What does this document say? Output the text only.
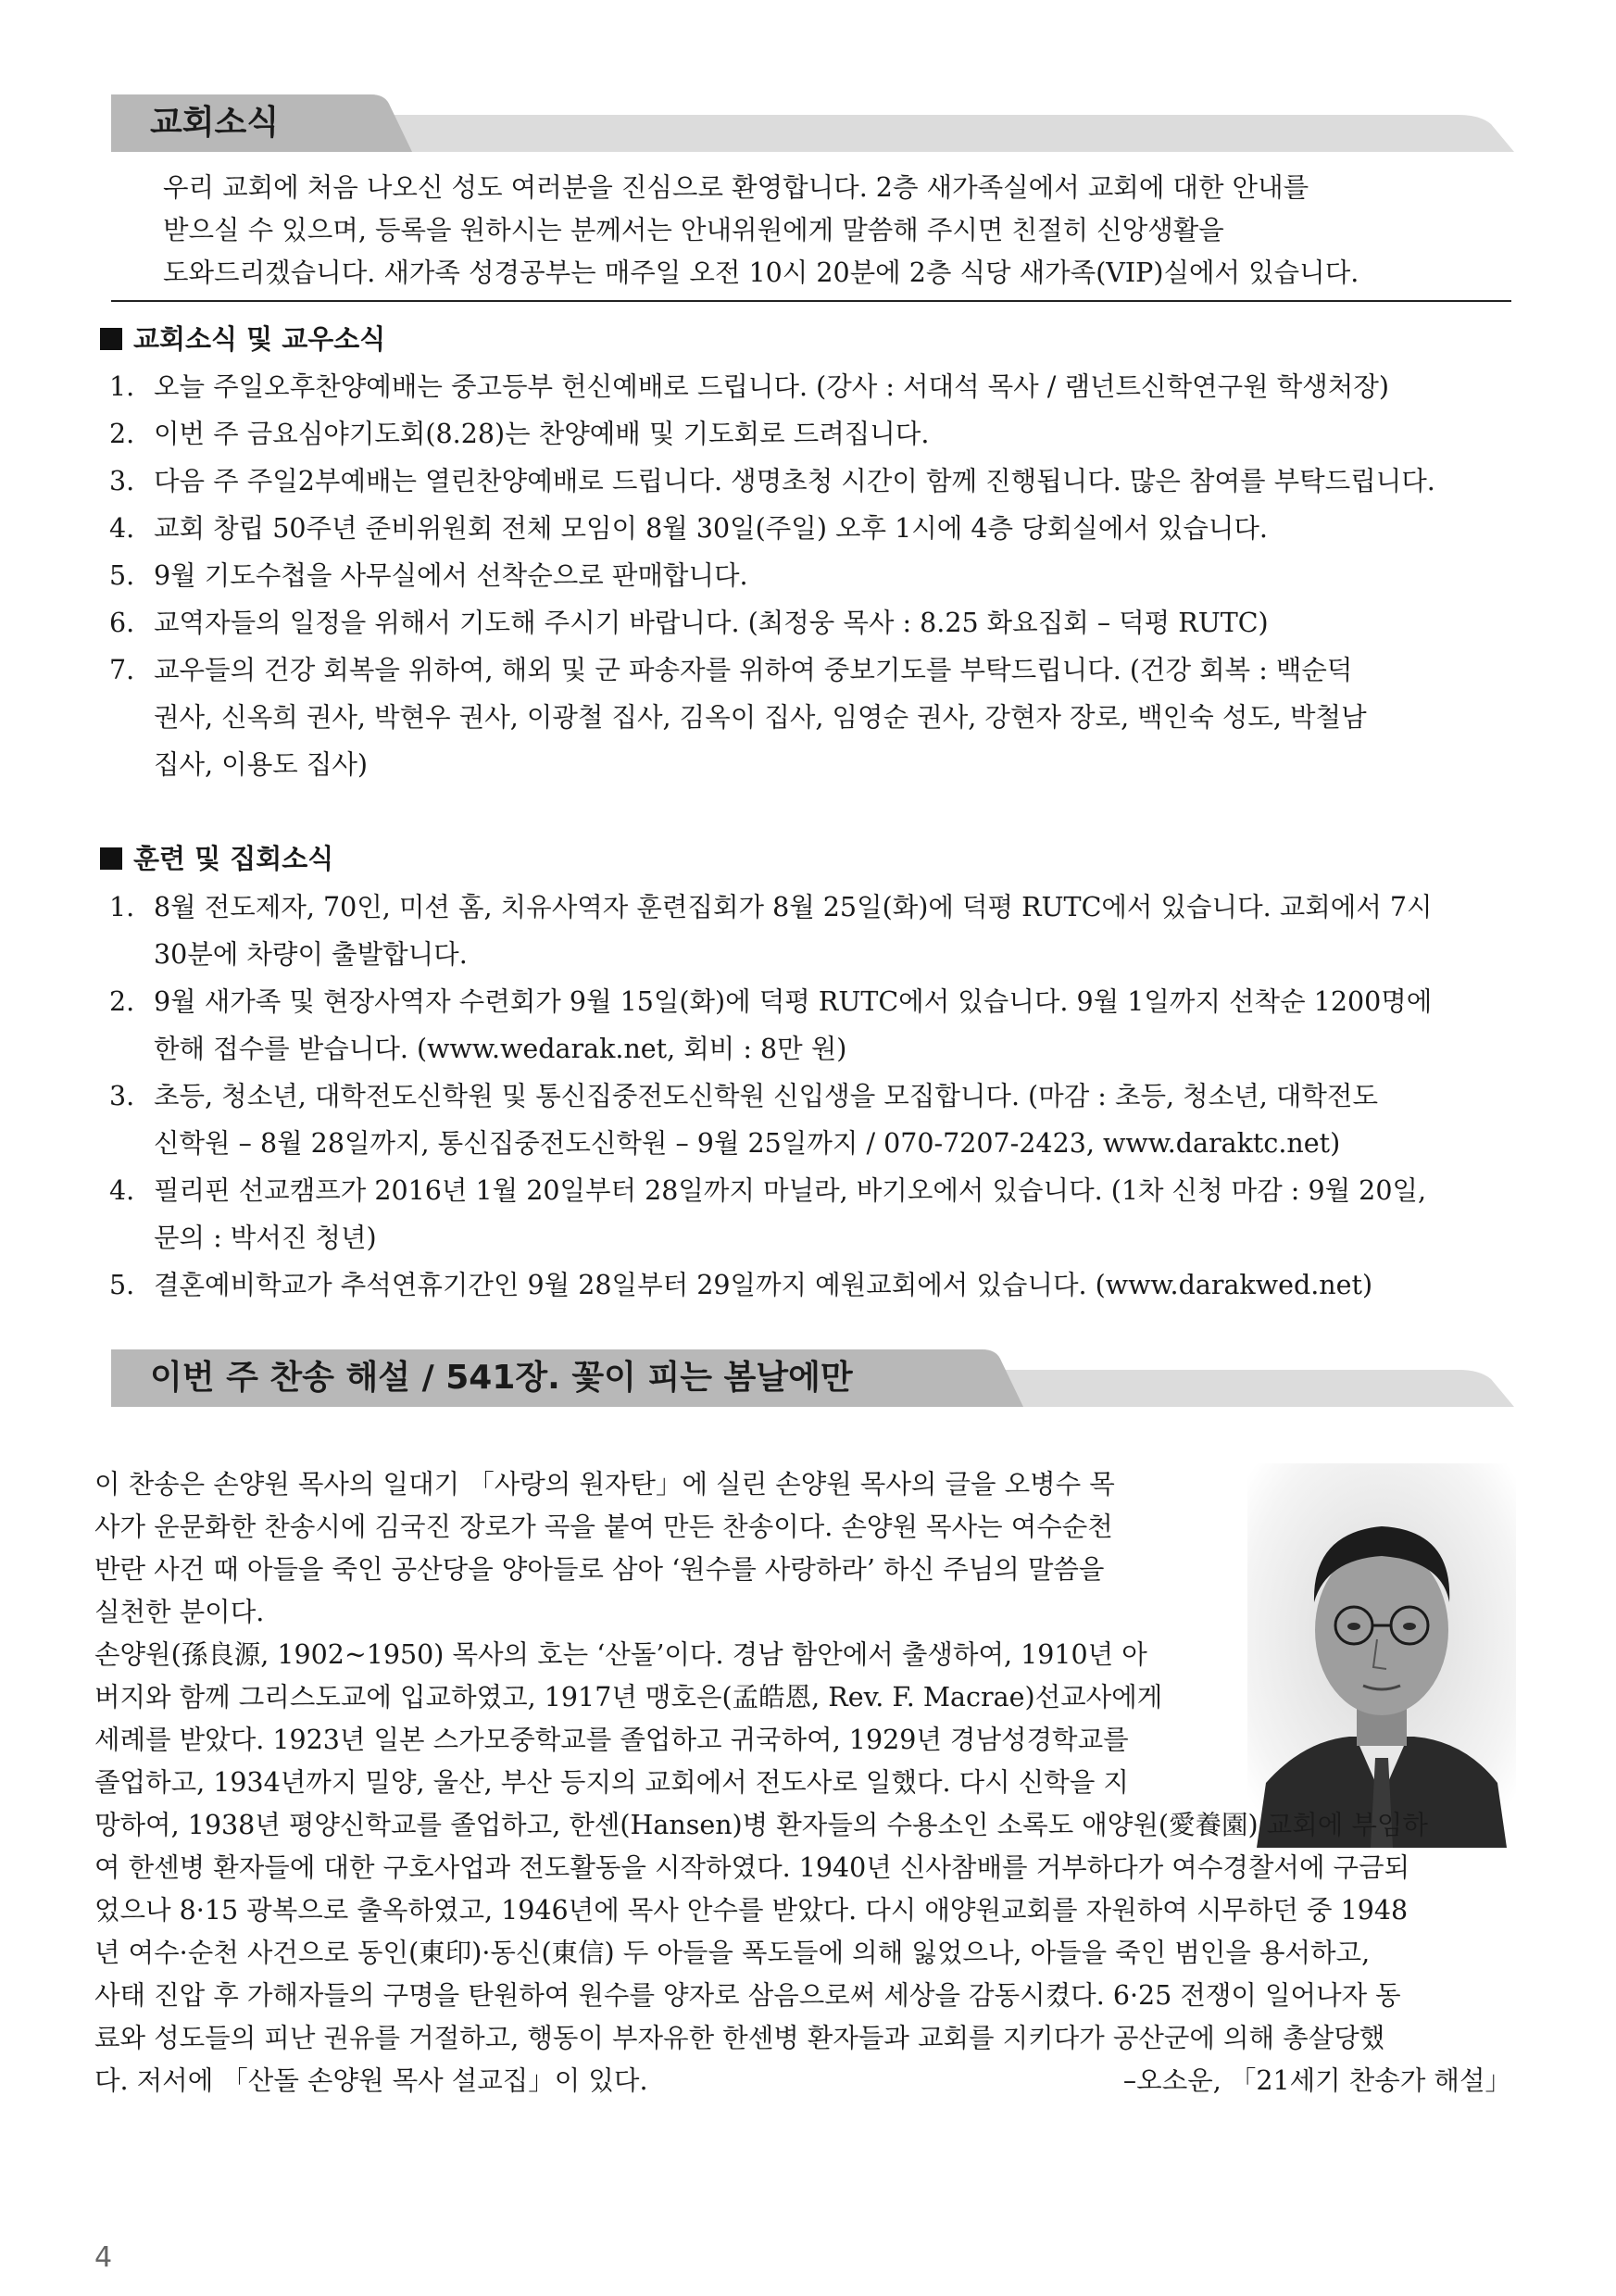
교회소식
우리 교회에 처음 나오신 성도 여러분을 진심으로 환영합니다. 2층 새가족실에서 교회에 대한 안내를
받으실 수 있으며, 등록을 원하시는 분께서는 안내위원에게 말씀해 주시면 친절히 신앙생활을
도와드리겠습니다. 새가족 성경공부는 매주일 오전 10시 20분에 2층 식당 새가족(VIP)실에서 있습니다.
교회소식 및 교우소식
1. 오늘 주일오후찬양예배는 중고등부 헌신예배로 드립니다. (강사 : 서대석 목사 / 램넌트신학연구원 학생처장)
2. 이번 주 금요심야기도회(8.28)는 찬양예배 및 기도회로 드려집니다.
3. 다음 주 주일2부예배는 열린찬양예배로 드립니다. 생명초청 시간이 함께 진행됩니다. 많은 참여를 부탁드립니다.
4. 교회 창립 50주년 준비위원회 전체 모임이 8월 30일(주일) 오후 1시에 4층 당회실에서 있습니다.
5. 9월 기도수첩을 사무실에서 선착순으로 판매합니다.
6. 교역자들의 일정을 위해서 기도해 주시기 바랍니다. (최정웅 목사 : 8.25 화요집회 – 덕평 RUTC)
7. 교우들의 건강 회복을 위하여, 해외 및 군 파송자를 위하여 중보기도를 부탁드립니다. (건강 회복 : 백순덕
권사, 신옥희 권사, 박현우 권사, 이광철 집사, 김옥이 집사, 임영순 권사, 강현자 장로, 백인숙 성도, 박철남
집사, 이용도 집사)
훈련 및 집회소식
1. 8월 전도제자, 70인, 미션 홈, 치유사역자 훈련집회가 8월 25일(화)에 덕평 RUTC에서 있습니다. 교회에서 7시
30분에 차량이 출발합니다.
2. 9월 새가족 및 현장사역자 수련회가 9월 15일(화)에 덕평 RUTC에서 있습니다. 9월 1일까지 선착순 1200명에
한해 접수를 받습니다. (www.wedarak.net, 회비 : 8만 원)
3. 초등, 청소년, 대학전도신학원 및 통신집중전도신학원 신입생을 모집합니다. (마감 : 초등, 청소년, 대학전도
신학원 – 8월 28일까지, 통신집중전도신학원 – 9월 25일까지 / 070-7207-2423, www.daraktc.net)
4. 필리핀 선교캠프가 2016년 1월 20일부터 28일까지 마닐라, 바기오에서 있습니다. (1차 신청 마감 : 9월 20일,
문의 : 박서진 청년)
5. 결혼예비학교가 추석연휴기간인 9월 28일부터 29일까지 예원교회에서 있습니다. (www.darakwed.net)
이번 주 찬송 해설 / 541장. 꽃이 피는 봄날에만
이 찬송은 손양원 목사의 일대기 「사랑의 원자탄」에 실린 손양원 목사의 글을 오병수 목
사가 운문화한 찬송시에 김국진 장로가 곡을 붙여 만든 찬송이다. 손양원 목사는 여수순천
반란 사건 때 아들을 죽인 공산당을 양아들로 삼아 ‘원수를 사랑하라’ 하신 주님의 말씀을
실천한 분이다.
손양원(孫良源, 1902~1950) 목사의 호는 ‘산돌’이다. 경남 함안에서 출생하여, 1910년 아
버지와 함께 그리스도교에 입교하였고, 1917년 맹호은(孟皓恩, Rev. F. Macrae)선교사에게
세례를 받았다. 1923년 일본 스가모중학교를 졸업하고 귀국하여, 1929년 경남성경학교를
졸업하고, 1934년까지 밀양, 울산, 부산 등지의 교회에서 전도사로 일했다. 다시 신학을 지
망하여, 1938년 평양신학교를 졸업하고, 한센(Hansen)병 환자들의 수용소인 소록도 애양원(愛養園) 교회에 부임하
여 한센병 환자들에 대한 구호사업과 전도활동을 시작하였다. 1940년 신사참배를 거부하다가 여수경찰서에 구금되
었으나 8·15 광복으로 출옥하였고, 1946년에 목사 안수를 받았다. 다시 애양원교회를 자원하여 시무하던 중 1948
년 여수·순천 사건으로 동인(東印)·동신(東信) 두 아들을 폭도들에 의해 잃었으나, 아들을 죽인 범인을 용서하고,
사태 진압 후 가해자들의 구명을 탄원하여 원수를 양자로 삼음으로써 세상을 감동시켰다. 6·25 전쟁이 일어나자 동
료와 성도들의 피난 권유를 거절하고, 행동이 부자유한 한센병 환자들과 교회를 지키다가 공산군에 의해 총살당했
다. 저서에 「산돌 손양원 목사 설교집」이 있다.	–오소운, 「21세기 찬송가 해설」
4
